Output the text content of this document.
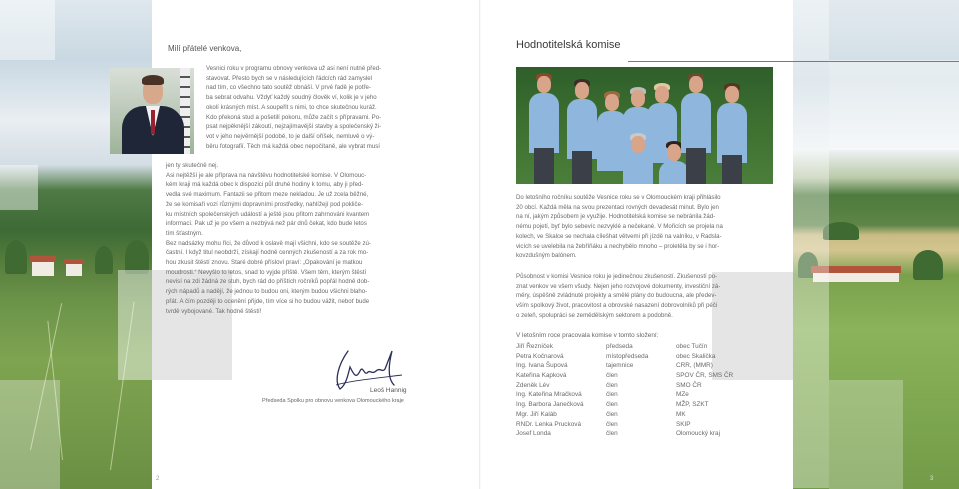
Milí přátelé venkova,

Vesnici roku v programu obnovy venkova už asi není nutné před-

stavovat. Přesto bych se v následujících řádcích rád zamyslel

nad tím, co všechno tato soutěž obnáší. V prvé řadě je potře-

ba sebrat odvahu. Vždyť každý soudný člověk ví, kolik je v jeho

okolí krásných míst. A soupeřit s nimi, to chce skutečnou kuráž.

Kdo překoná stud a pošetilí pokoru, může začít s přípravami. Po-

psat nejpěknější zákoutí, nejzajímavější stavby a společenský ži-

vot v jeho nejvěrnější podobě, to je další oříšek, nemluvě o vý-

běru fotografií. Těch má každá obec nepočítaně, ale vybrat musí

jen ty skutečně nej.

Asi nejtěžší je ale příprava na návštěvu hodnotitelské komise. V Olomouc-

kém kraji má každá obec k dispozici půl druhé hodiny k tomu, aby ji před-

vedla své maximum. Fantazii se přitom meze nekladou. Je už zcela běžné,

že se komisaři vozí různými dopravními prostředky, nahlížejí pod pokliče-

ku místních společenských událostí a ještě jsou přitom zahrnováni kvantem

informací. Pak už je po všem a nezbývá než pár dnů čekat, kdo bude letos

tím šťastným.

Bez nadsázky mohu říci, že důvod k oslavě mají všichni, kdo se soutěže zú-

častní. I když titul neobdrží, získají hodně cenných zkušeností a za rok mo-

hou zkusit štěstí znovu. Staré dobré přísloví praví: „Opakování je matkou

moudrosti.“ Nevyšlo to letos, snad to vyjde příště. Všem těm, kterým štěstí

nevisí na zdi žádná ze stuh, bych rád do příštích ročníků popřál hodně dob-

rých nápadů a nadějí, že jednou to budou oni, kterým budou všichni blaho-

přát. A čím později to ocenění přijde, tím více si ho budou vážit, neboť bude

tvrdě vybojované. Tak hodně štěstí!

Leoš Hannig
Předseda Spolku pro obnovu venkova Olomouckého kraje
2
Hodnotitelská komise

Do letošního ročníku soutěže Vesnice roku se v Olomouckém kraji přihlásilo

20 obcí. Každá měla na svou prezentaci rovných devadesát minut. Bylo jen

na ní, jakým způsobem je využije. Hodnotitelská komise se nebránila žád-

nému pojetí, byť bylo sebevíc nezvyklé a nečekané. V Mořicích se projela na

kolech, ve Skalce se nechala cílešhat větvemi při jízdě na valníku, v Radsla-

vicích se uvelebila na žebříňáku a nechybělo mnoho – proletěla by se i hor-

kovzdušným balónem.

Působnost v komisi Vesnice roku je jedinečnou zkušeností. Zkušeností po-

znat venkov ve všem všudy. Nejen jeho rozvojové dokumenty, investiční zá-

měry, úspěšně zvládnuté projekty a smělé plány do budoucna, ale předev-

vším spolkový život, pracovitost a obrovské nasazení dobrovolníků při péči

o zeleň, spolupráci se zemědělským sektorem a podobně.

V letošním roce pracovala komise v tomto složení:
Jiří Řezníček	předseda	obec Tučín
Petra Kočnarová	místopředseda	obec Skalička
Ing. Ivana Šupová	tajemnice	CRR, (MMR)
Kateřina Kapková	člen	SPOV ČR, SMS ČR
Zdeněk Lév	člen	SMO ČR
Ing. Kateřina Mračková	člen	MZe
Ing. Barbora Janečková	člen	MŽP, SZKT
Mgr. Jiří Kaláb	člen	MK
RNDr. Lenka Prucková	člen	SKIP
Josef Londa	člen	Olomoucký kraj
3
